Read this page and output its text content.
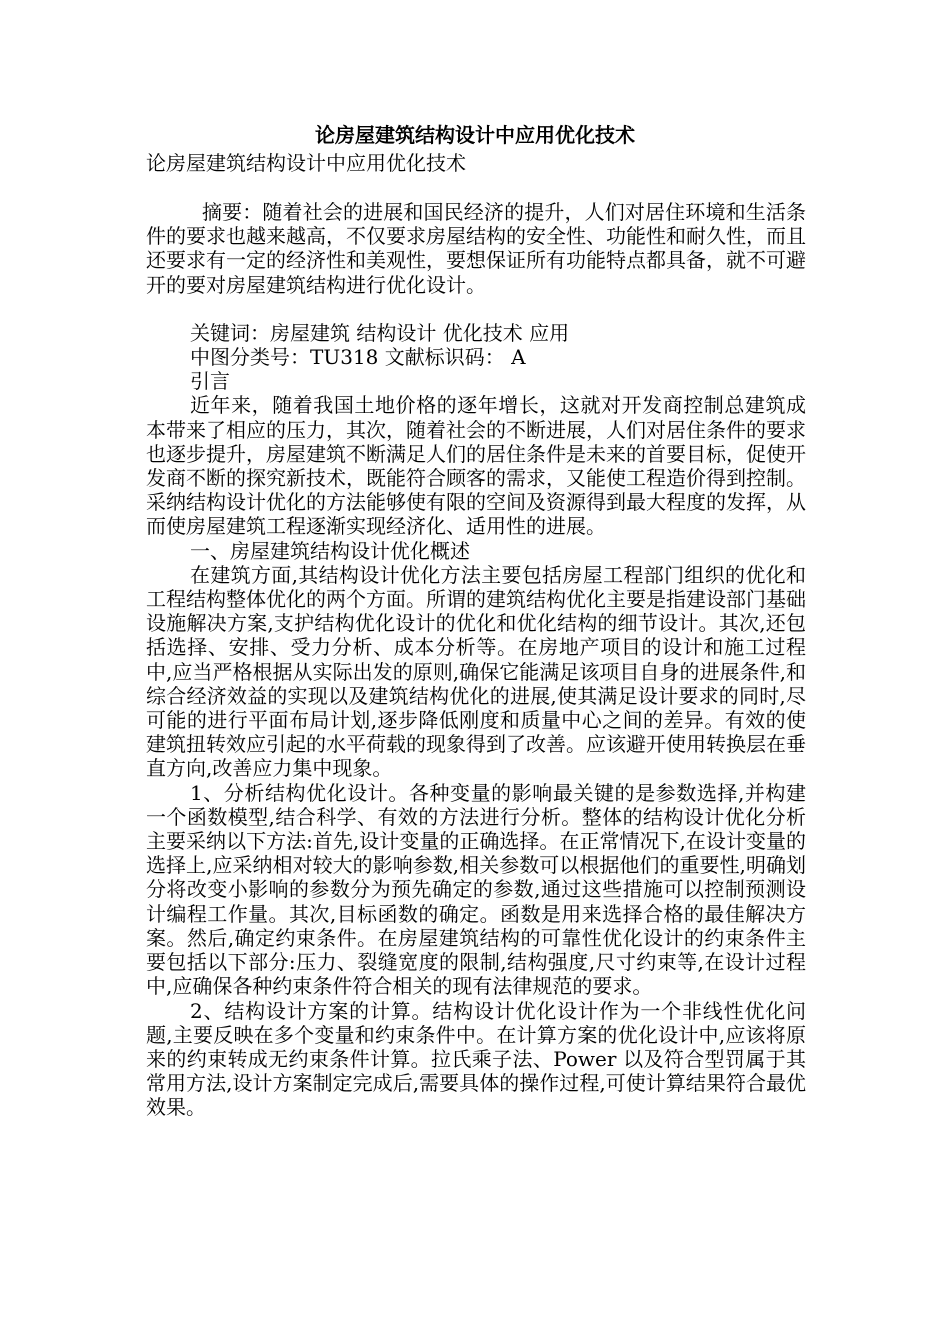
论房屋建筑结构设计中应用优化技术
论房屋建筑结构设计中应用优化技术

摘要：随着社会的进展和国民经济的提升，人们对居住环境和生活条件的要求也越来越高，不仅要求房屋结构的安全性、功能性和耐久性，而且还要求有一定的经济性和美观性，要想保证所有功能特点都具备，就不可避开的要对房屋建筑结构进行优化设计。

关键词：房屋建筑 结构设计 优化技术 应用

中图分类号：TU318 文献标识码： A

引言

近年来，随着我国土地价格的逐年增长，这就对开发商控制总建筑成本带来了相应的压力，其次，随着社会的不断进展，人们对居住条件的要求也逐步提升，房屋建筑不断满足人们的居住条件是未来的首要目标，促使开发商不断的探究新技术，既能符合顾客的需求，又能使工程造价得到控制。采纳结构设计优化的方法能够使有限的空间及资源得到最大程度的发挥，从而使房屋建筑工程逐渐实现经济化、适用性的进展。

一、房屋建筑结构设计优化概述

在建筑方面,其结构设计优化方法主要包括房屋工程部门组织的优化和工程结构整体优化的两个方面。所谓的建筑结构优化主要是指建设部门基础设施解决方案,支护结构优化设计的优化和优化结构的细节设计。其次,还包括选择、安排、受力分析、成本分析等。在房地产项目的设计和施工过程中,应当严格根据从实际出发的原则,确保它能满足该项目自身的进展条件,和综合经济效益的实现以及建筑结构优化的进展,使其满足设计要求的同时,尽可能的进行平面布局计划,逐步降低刚度和质量中心之间的差异。有效的使建筑扭转效应引起的水平荷载的现象得到了改善。应该避开使用转换层在垂直方向,改善应力集中现象。

1、分析结构优化设计。各种变量的影响最关键的是参数选择,并构建一个函数模型,结合科学、有效的方法进行分析。整体的结构设计优化分析主要采纳以下方法:首先,设计变量的正确选择。在正常情况下,在设计变量的选择上,应采纳相对较大的影响参数,相关参数可以根据他们的重要性,明确划分将改变小影响的参数分为预先确定的参数,通过这些措施可以控制预测设计编程工作量。其次,目标函数的确定。函数是用来选择合格的最佳解决方案。然后,确定约束条件。在房屋建筑结构的可靠性优化设计的约束条件主要包括以下部分:压力、裂缝宽度的限制,结构强度,尺寸约束等,在设计过程中,应确保各种约束条件符合相关的现有法律规范的要求。

2、结构设计方案的计算。结构设计优化设计作为一个非线性优化问题,主要反映在多个变量和约束条件中。在计算方案的优化设计中,应该将原来的约束转成无约束条件计算。拉氏乘子法、Power 以及符合型罚属于其常用方法,设计方案制定完成后,需要具体的操作过程,可使计算结果符合最优效果。
